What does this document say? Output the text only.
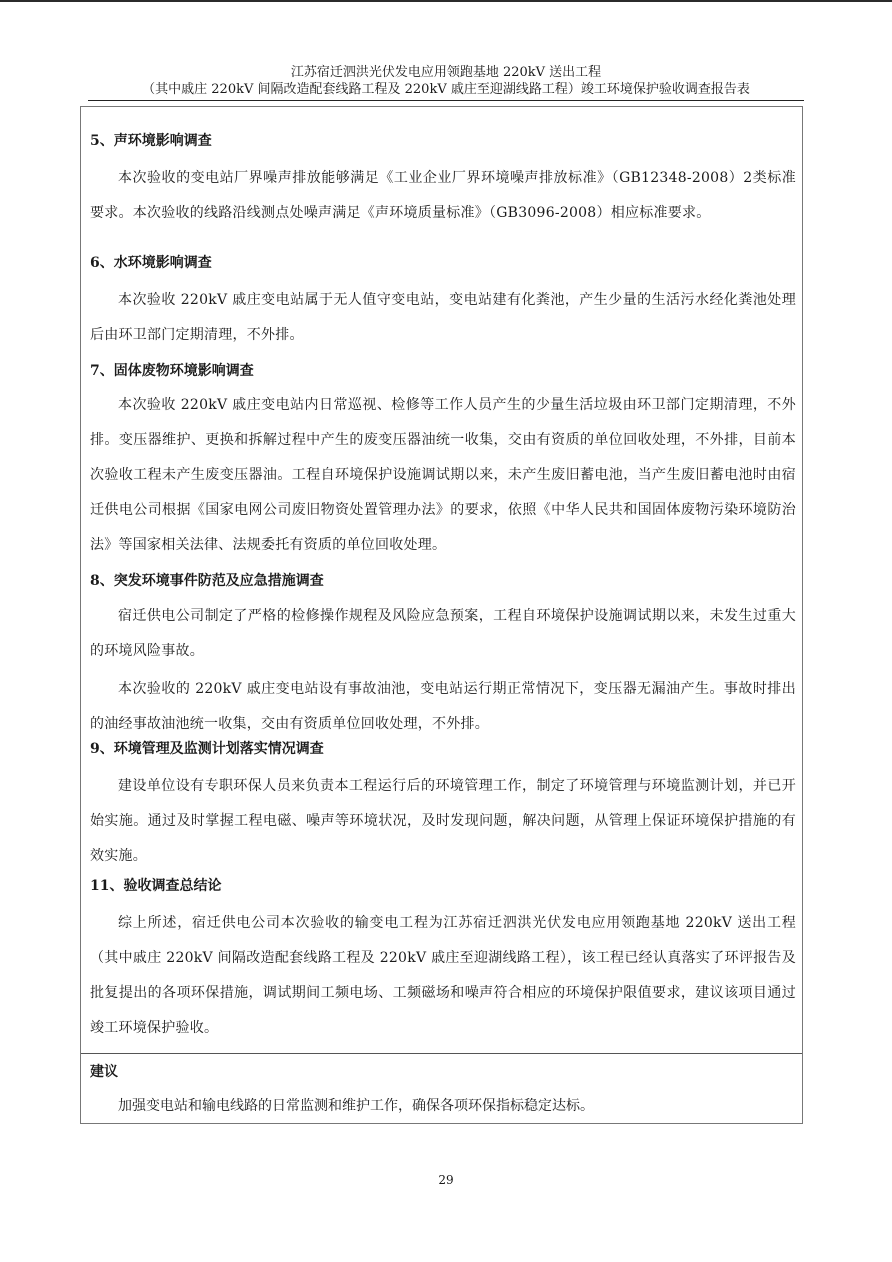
江苏宿迁泗洪光伏发电应用领跑基地 220kV 送出工程
（其中戚庄 220kV 间隔改造配套线路工程及 220kV 戚庄至迎湖线路工程）竣工环境保护验收调查报告表
5、声环境影响调查
本次验收的变电站厂界噪声排放能够满足《工业企业厂界环境噪声排放标准》（GB12348-2008）2类标准要求。本次验收的线路沿线测点处噪声满足《声环境质量标准》（GB3096-2008）相应标准要求。
6、水环境影响调查
本次验收 220kV 戚庄变电站属于无人值守变电站，变电站建有化粪池，产生少量的生活污水经化粪池处理后由环卫部门定期清理，不外排。
7、固体废物环境影响调查
本次验收 220kV 戚庄变电站内日常巡视、检修等工作人员产生的少量生活垃圾由环卫部门定期清理，不外排。变压器维护、更换和拆解过程中产生的废变压器油统一收集，交由有资质的单位回收处理，不外排，目前本次验收工程未产生废变压器油。工程自环境保护设施调试期以来，未产生废旧蓄电池，当产生废旧蓄电池时由宿迁供电公司根据《国家电网公司废旧物资处置管理办法》的要求，依照《中华人民共和国固体废物污染环境防治法》等国家相关法律、法规委托有资质的单位回收处理。
8、突发环境事件防范及应急措施调查
宿迁供电公司制定了严格的检修操作规程及风险应急预案，工程自环境保护设施调试期以来，未发生过重大的环境风险事故。
本次验收的 220kV 戚庄变电站设有事故油池，变电站运行期正常情况下，变压器无漏油产生。事故时排出的油经事故油池统一收集，交由有资质单位回收处理，不外排。
9、环境管理及监测计划落实情况调查
建设单位设有专职环保人员来负责本工程运行后的环境管理工作，制定了环境管理与环境监测计划，并已开始实施。通过及时掌握工程电磁、噪声等环境状况，及时发现问题，解决问题，从管理上保证环境保护措施的有效实施。
11、验收调查总结论
综上所述，宿迁供电公司本次验收的输变电工程为江苏宿迁泗洪光伏发电应用领跑基地 220kV 送出工程（其中戚庄 220kV 间隔改造配套线路工程及 220kV 戚庄至迎湖线路工程），该工程已经认真落实了环评报告及批复提出的各项环保措施，调试期间工频电场、工频磁场和噪声符合相应的环境保护限值要求，建议该项目通过竣工环境保护验收。
建议
加强变电站和输电线路的日常监测和维护工作，确保各项环保指标稳定达标。
29
